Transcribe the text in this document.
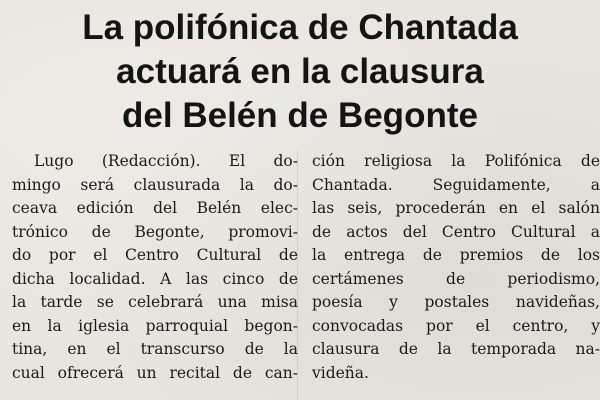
La polifónica de Chantada
actuará en la clausura
del Belén de Begonte
Lugo (Redacción). El do-
mingo será clausurada la do-
ceava edición del Belén elec-
trónico de Begonte, promovi-
do por el Centro Cultural de
dicha localidad. A las cinco de
la tarde se celebrará una misa
en la iglesia parroquial begon-
tina, en el transcurso de la
cual ofrecerá un recital de can-
ción religiosa la Polifónica de
Chantada. Seguidamente, a
las seis, procederán en el salón
de actos del Centro Cultural a
la entrega de premios de los
certámenes de periodismo,
poesía y postales navideñas,
convocadas por el centro, y
clausura de la temporada na-
videña.
